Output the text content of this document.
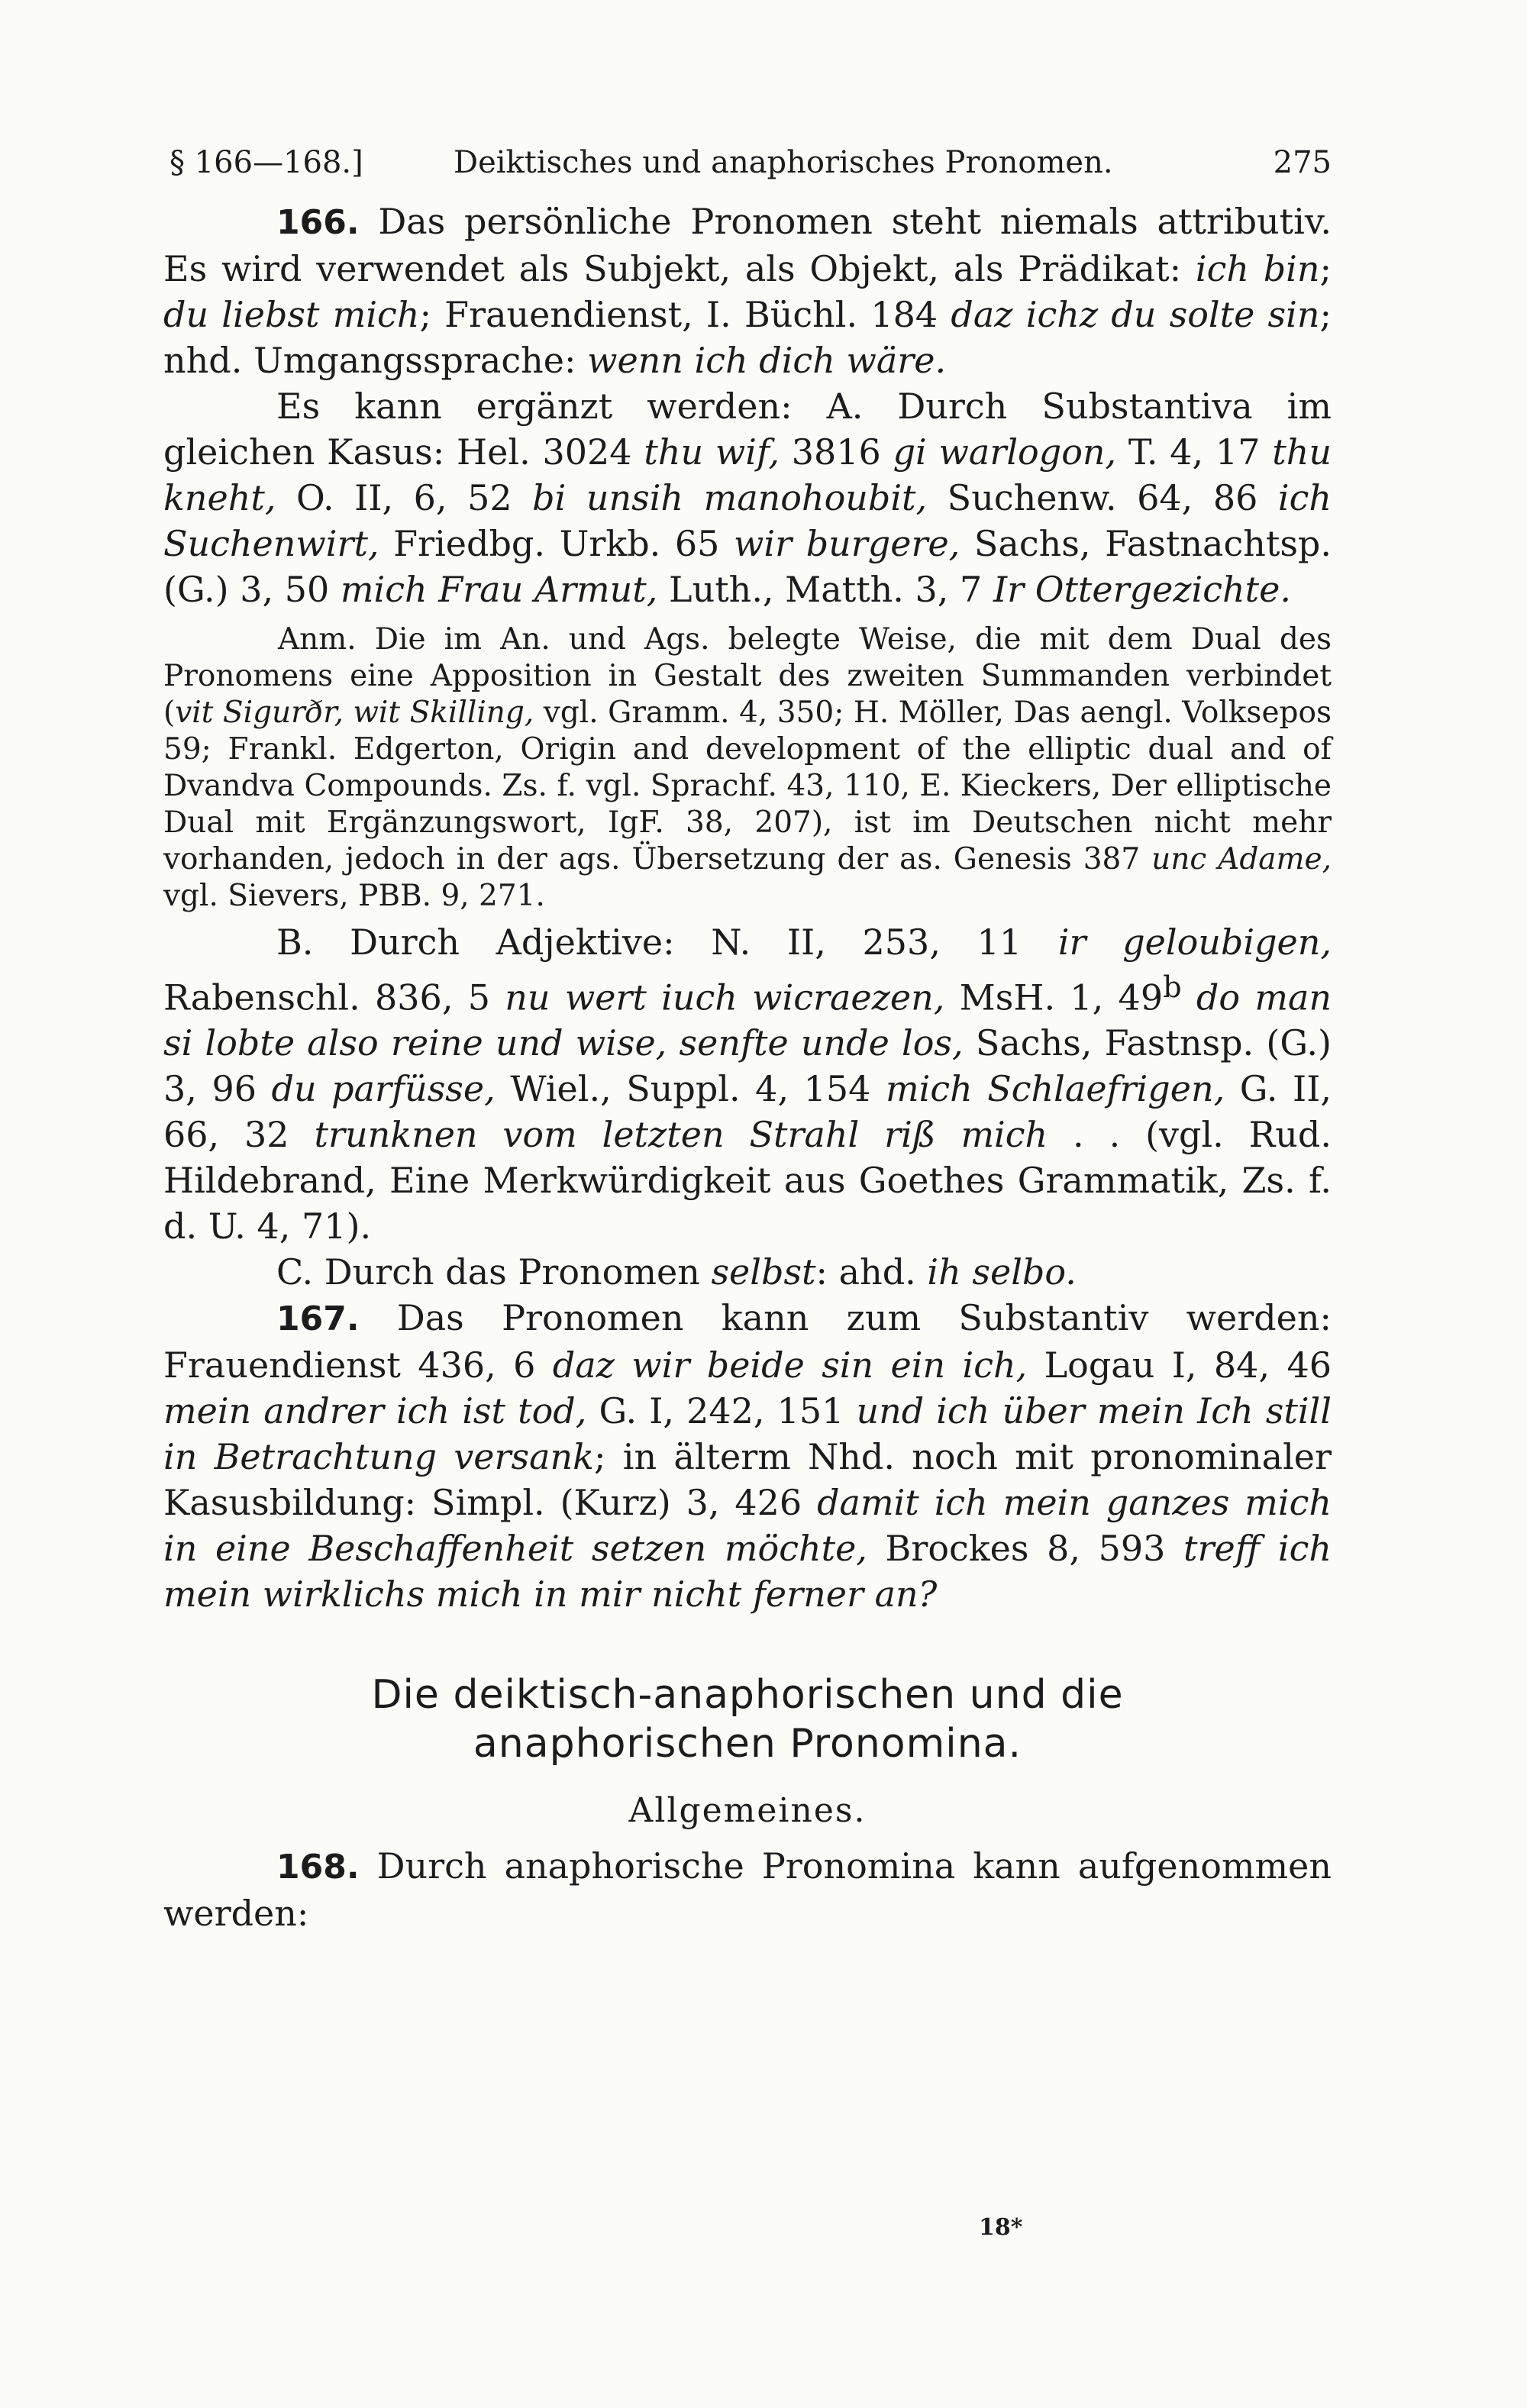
§ 166—168.]	Deiktisches und anaphorisches Pronomen.	275

166. Das persönliche Pronomen steht niemals attributiv. Es wird verwendet als Subjekt, als Objekt, als Prädikat: ich bin; du liebst mich; Frauendienst, I. Büchl. 184 daz ichz du solte sin; nhd. Umgangssprache: wenn ich dich wäre.

Es kann ergänzt werden: A. Durch Substantiva im gleichen Kasus: Hel. 3024 thu wif, 3816 gi warlogon, T. 4, 17 thu kneht, O. II, 6, 52 bi unsih manohoubit, Suchenw. 64, 86 ich Suchenwirt, Friedbg. Urkb. 65 wir burgere, Sachs, Fastnachtsp. (G.) 3, 50 mich Frau Armut, Luth., Matth. 3, 7 Ir Ottergezichte.

Anm. Die im An. und Ags. belegte Weise, die mit dem Dual des Pronomens eine Apposition in Gestalt des zweiten Summanden verbindet (vit Sigurðr, wit Skilling, vgl. Gramm. 4, 350; H. Möller, Das aengl. Volksepos 59; Frankl. Edgerton, Origin and development of the elliptic dual and of Dvandva Compounds. Zs. f. vgl. Sprachf. 43, 110, E. Kieckers, Der elliptische Dual mit Ergänzungswort, IgF. 38, 207), ist im Deutschen nicht mehr vorhanden, jedoch in der ags. Übersetzung der as. Genesis 387 unc Adame, vgl. Sievers, PBB. 9, 271.

B. Durch Adjektive: N. II, 253, 11 ir geloubigen, Rabenschl. 836, 5 nu wert iuch wicraezen, MsH. 1, 49$^b$ do man si lobte also reine und wise, senfte unde los, Sachs, Fastnsp. (G.) 3, 96 du parfüsse, Wiel., Suppl. 4, 154 mich Schlaefrigen, G. II, 66, 32 trunknen vom letzten Strahl riß mich . . (vgl. Rud. Hildebrand, Eine Merkwürdigkeit aus Goethes Grammatik, Zs. f. d. U. 4, 71).

C. Durch das Pronomen selbst: ahd. ih selbo.

167. Das Pronomen kann zum Substantiv werden: Frauendienst 436, 6 daz wir beide sin ein ich, Logau I, 84, 46 mein andrer ich ist tod, G. I, 242, 151 und ich über mein Ich still in Betrachtung versank; in älterm Nhd. noch mit pronominaler Kasusbildung: Simpl. (Kurz) 3, 426 damit ich mein ganzes mich in eine Beschaffenheit setzen möchte, Brockes 8, 593 treff ich mein wirklichs mich in mir nicht ferner an?

Die deiktisch-anaphorischen und die
anaphorischen Pronomina.
Allgemeines.

168. Durch anaphorische Pronomina kann aufgenommen werden:

18*
